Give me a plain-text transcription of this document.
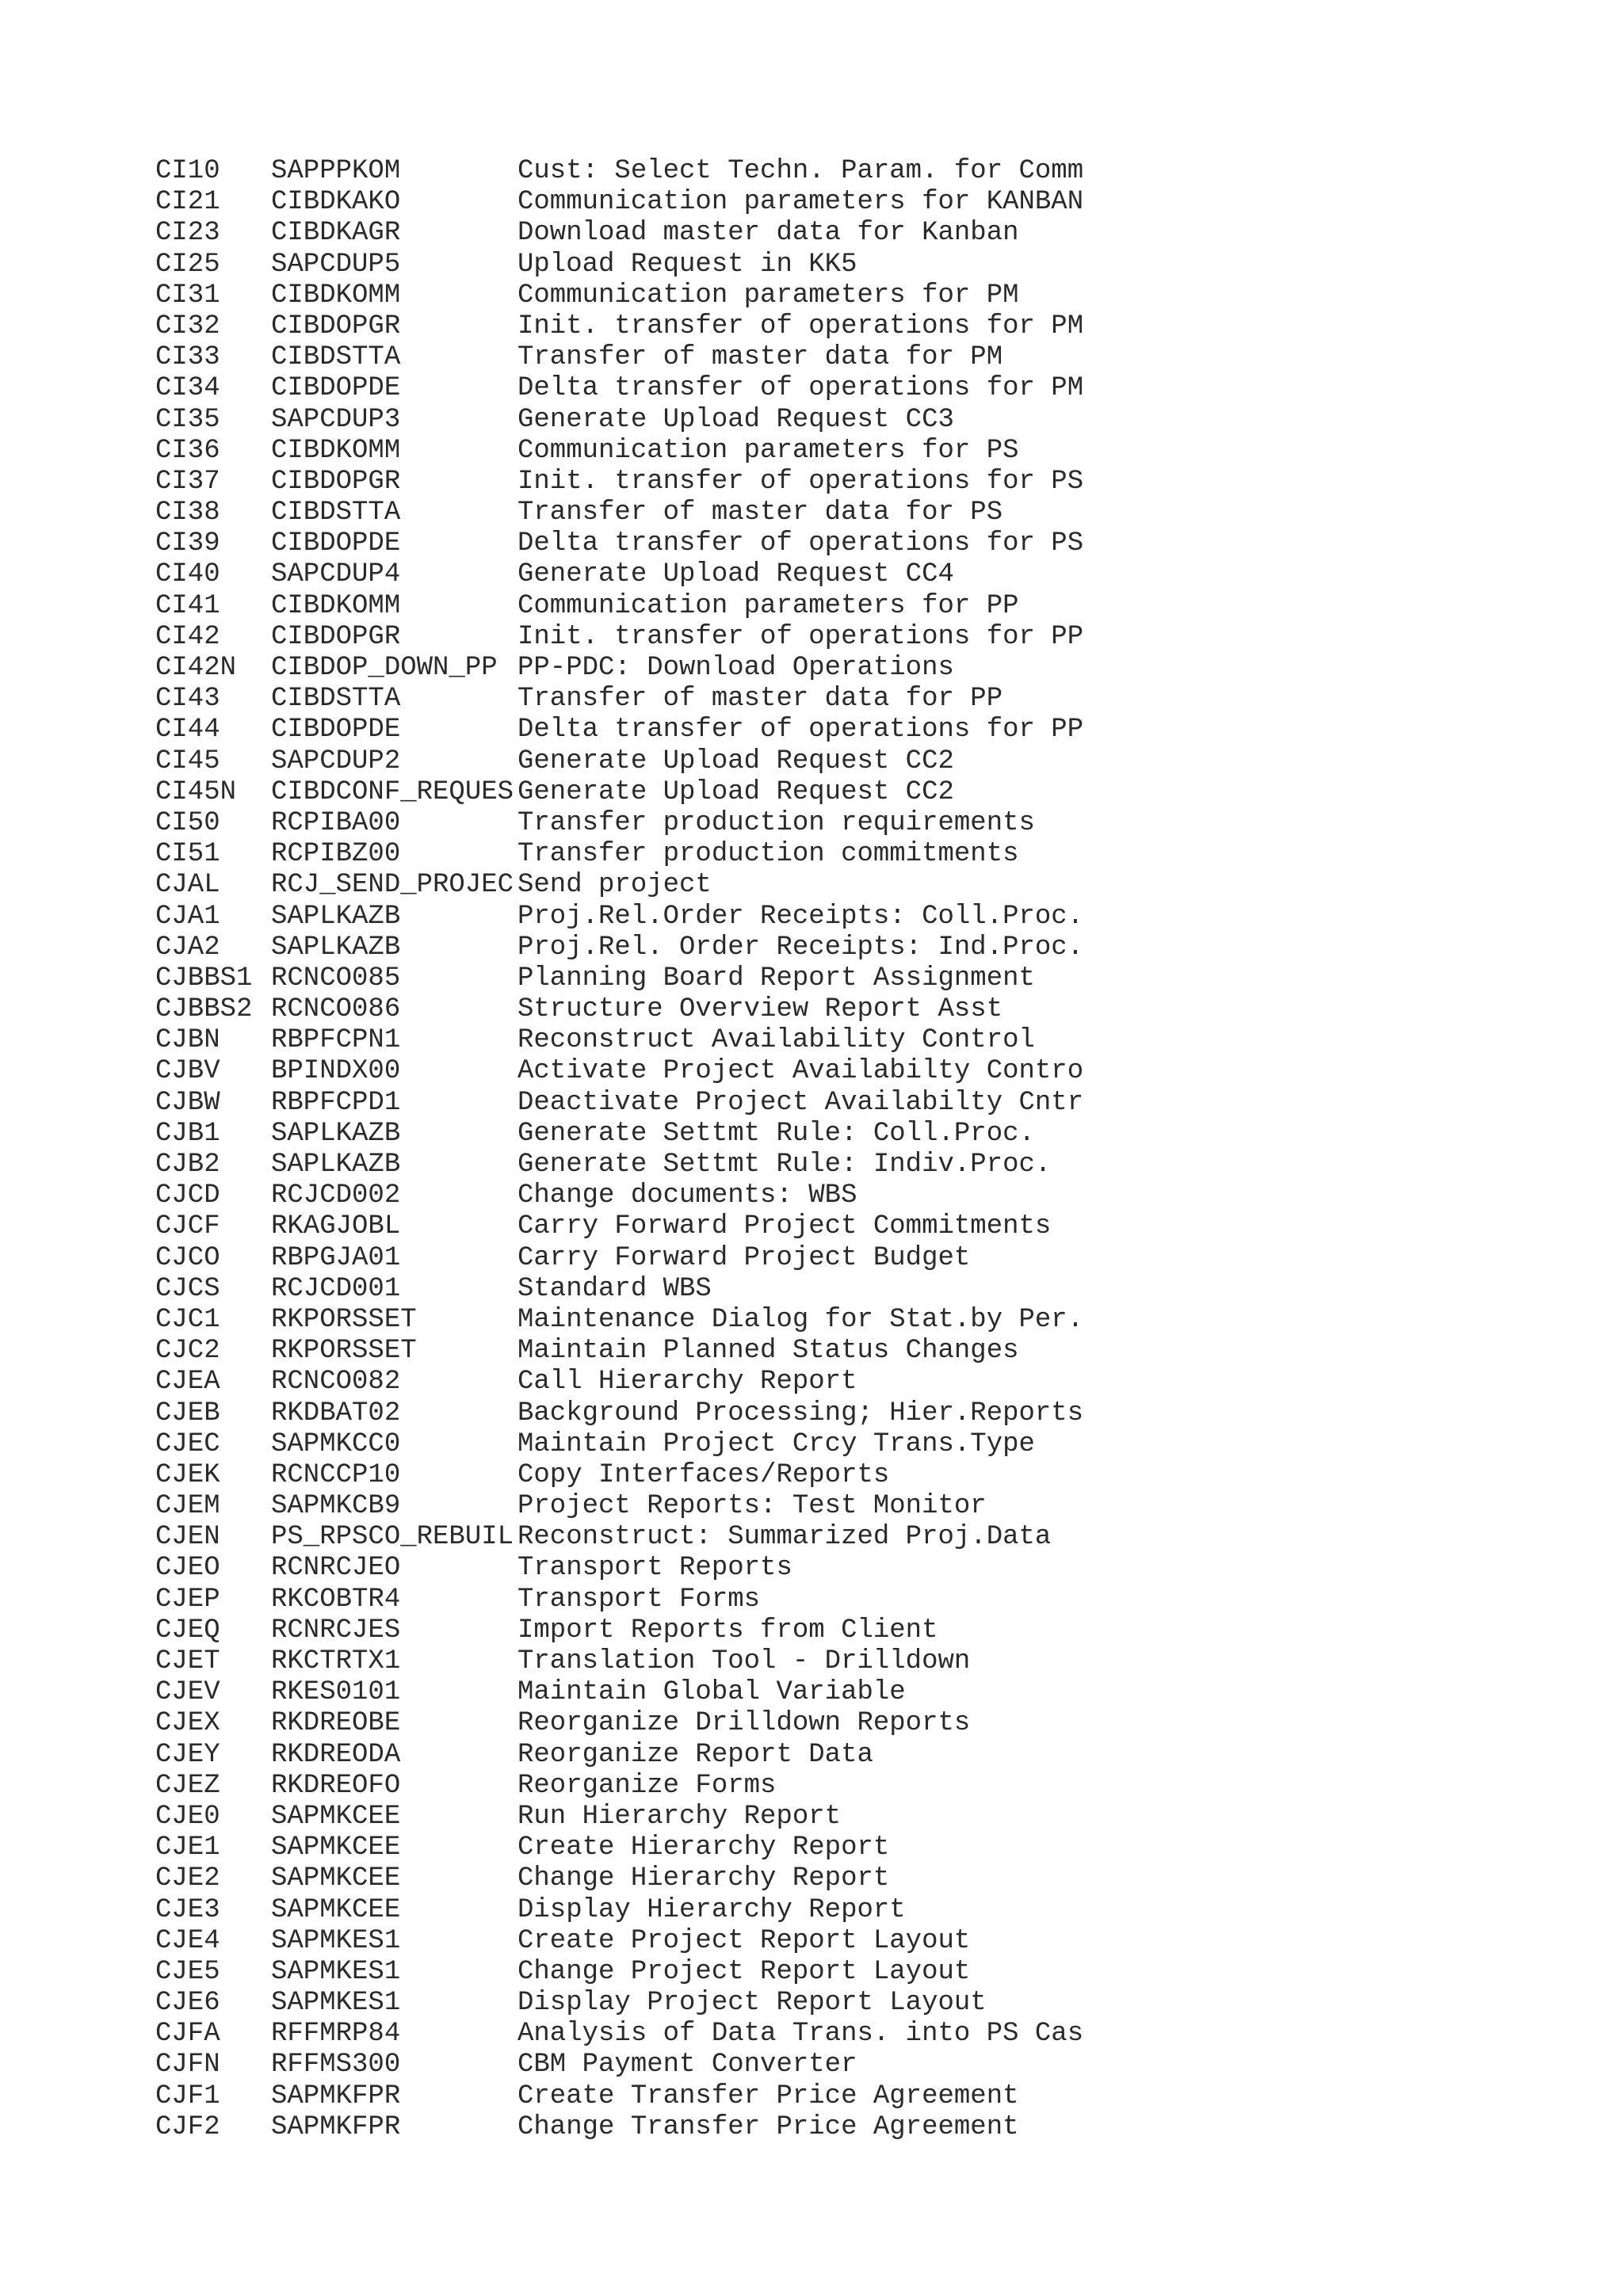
CI10 SAPPPKOM	Cust: Select Techn. Param. for Comm
CI21 CIBDKAKO	Communication parameters for KANBAN
CI23 CIBDKAGR	Download master data for Kanban
CI25 SAPCDUP5	Upload Request in KK5
CI31 CIBDKOMM	Communication parameters for PM
CI32 CIBDOPGR	Init. transfer of operations for PM
CI33 CIBDSTTA	Transfer of master data for PM
CI34 CIBDOPDE	Delta transfer of operations for PM
CI35 SAPCDUP3	Generate Upload Request CC3
CI36 CIBDKOMM	Communication parameters for PS
CI37 CIBDOPGR	Init. transfer of operations for PS
CI38 CIBDSTTA	Transfer of master data for PS
CI39 CIBDOPDE	Delta transfer of operations for PS
CI40 SAPCDUP4	Generate Upload Request CC4
CI41 CIBDKOMM	Communication parameters for PP
CI42 CIBDOPGR	Init. transfer of operations for PP
CI42N CIBDOP_DOWN_PP PP-PDC: Download Operations
CI43 CIBDSTTA	Transfer of master data for PP
CI44 CIBDOPDE	Delta transfer of operations for PP
CI45 SAPCDUP2	Generate Upload Request CC2
CI45N CIBDCONF_REQUES Generate Upload Request CC2
CI50 RCPIBA00	Transfer production requirements
CI51 RCPIBZ00	Transfer production commitments
CJAL RCJ_SEND_PROJEC Send project
CJA1 SAPLKAZB	Proj.Rel.Order Receipts: Coll.Proc.
CJA2 SAPLKAZB	Proj.Rel. Order Receipts: Ind.Proc.
CJBBS1 RCNCO085	Planning Board Report Assignment
CJBBS2 RCNCO086	Structure Overview Report Asst
CJBN RBPFCPN1	Reconstruct Availability Control
CJBV BPINDX00	Activate Project Availabilty Contro
CJBW RBPFCPD1	Deactivate Project Availabilty Cntr
CJB1 SAPLKAZB	Generate Settmt Rule: Coll.Proc.
CJB2 SAPLKAZB	Generate Settmt Rule: Indiv.Proc.
CJCD RCJCD002	Change documents: WBS
CJCF RKAGJOBL	Carry Forward Project Commitments
CJCO RBPGJA01	Carry Forward Project Budget
CJCS RCJCD001	Standard WBS
CJC1 RKPORSSET	Maintenance Dialog for Stat.by Per.
CJC2 RKPORSSET	Maintain Planned Status Changes
CJEA RCNCO082	Call Hierarchy Report
CJEB RKDBAT02	Background Processing; Hier.Reports
CJEC SAPMKCC0	Maintain Project Crcy Trans.Type
CJEK RCNCCP10	Copy Interfaces/Reports
CJEM SAPMKCB9	Project Reports: Test Monitor
CJEN PS_RPSCO_REBUIL Reconstruct: Summarized Proj.Data
CJEO RCNRCJEO	Transport Reports
CJEP RKCOBTR4	Transport Forms
CJEQ RCNRCJES	Import Reports from Client
CJET RKCTRTX1	Translation Tool - Drilldown
CJEV RKES0101	Maintain Global Variable
CJEX RKDREOBE	Reorganize Drilldown Reports
CJEY RKDREODA	Reorganize Report Data
CJEZ RKDREOFO	Reorganize Forms
CJE0 SAPMKCEE	Run Hierarchy Report
CJE1 SAPMKCEE	Create Hierarchy Report
CJE2 SAPMKCEE	Change Hierarchy Report
CJE3 SAPMKCEE	Display Hierarchy Report
CJE4 SAPMKES1	Create Project Report Layout
CJE5 SAPMKES1	Change Project Report Layout
CJE6 SAPMKES1	Display Project Report Layout
CJFA RFFMRP84	Analysis of Data Trans. into PS Cas
CJFN RFFMS300	CBM Payment Converter
CJF1 SAPMKFPR	Create Transfer Price Agreement
CJF2 SAPMKFPR	Change Transfer Price Agreement
